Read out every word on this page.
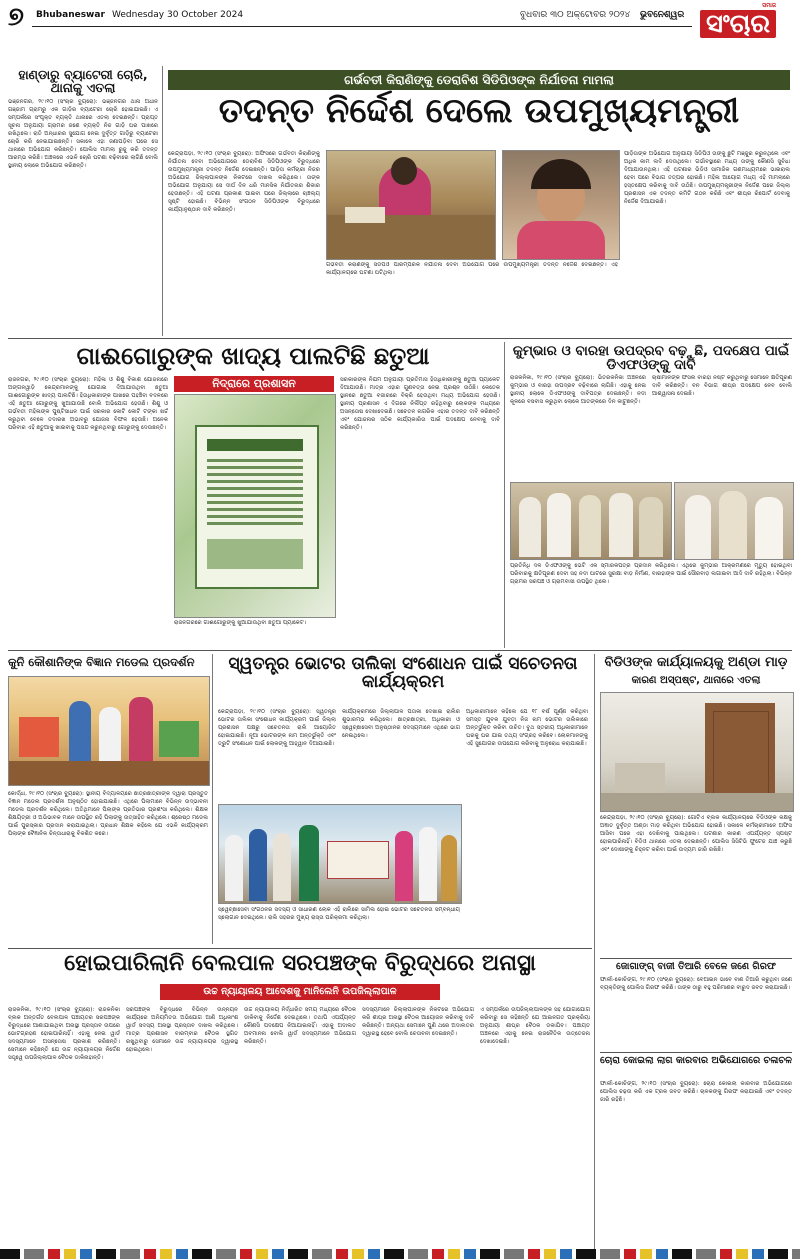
୭ Bhubaneswar Wednesday 30 October 2024	ବୁଧବାର ୩୦ ଅକ୍ଟୋବର ୨୦୨୪ ଭୁବନେଶ୍ୱର
ସମାଜ
ସଂଚାର
ହାଣ୍ଡାରୁ ବ୍ୟାଟେରୀ ଚୋରି, ଥାନାକୁ ଏତଲା
ଭଞ୍ଜନଗର, ୨୯।୧୦ (ସଂଚାର ବ୍ୟୁରୋ): ଭଞ୍ଜନଗର ଥାନା ଅଧୀନ ଗଞ୍ଜାମ ଗ୍ରାମରୁ ଏକ ଗାଡ଼ିର ବ୍ୟାଟେରୀ ଚୋରି ହୋଇଯାଇଛି। ଏ ସମ୍ପର୍କରେ ସଂପୃକ୍ତ ବ୍ୟକ୍ତି ଥାନାରେ ଏତଲା ଦେଇଛନ୍ତି। ପ୍ରାପ୍ତ ସୂଚନା ଅନୁଯାୟୀ ଗ୍ରାମର ଜଣେ ବ୍ୟକ୍ତି ନିଜ ଗାଡ଼ି ଘର ପାଖରେ ରଖିଥିଲେ। ରାତି ଅନ୍ଧାରର ସୁଯୋଗ ନେଇ ଦୁର୍ବୃତ୍ତ ଗାଡ଼ିରୁ ବ୍ୟାଟେରୀ ଚୋରି କରି ନେଇଯାଇଛନ୍ତି। ସକାଳେ ଏହା ଜଣାପଡ଼ିବା ପରେ ସେ ଥାନାରେ ଅଭିଯୋଗ କରିଛନ୍ତି। ପୋଲିସ ମାମଲା ରୁଜୁ କରି ତଦନ୍ତ ଆରମ୍ଭ କରିଛି। ଅଞ୍ଚଳରେ ଏଭଳି ଚୋରି ଘଟଣା ବଢ଼ିବାରେ ଲାଗିଛି ବୋଲି ସ୍ଥାନୀୟ ଲୋକେ ଅଭିଯୋଗ କରିଛନ୍ତି।
ଗର୍ଭବତୀ କିରାଣିଙ୍କୁ ଡେରାବିଶ ସିଡିପିଓଙ୍କ ନିର୍ଯାତନା ମାମଲା
ତଦନ୍ତ ନିର୍ଦ୍ଦେଶ ଦେଲେ ଉପମୁଖ୍ୟମନ୍ତ୍ରୀ
କେନ୍ଦ୍ରାପଡ଼ା, ୨୯।୧୦ (ସଂଚାର ବ୍ୟୁରୋ): ଅଫିସରେ ଗର୍ଭବତୀ କିରାଣିଙ୍କୁ ନିର୍ଯାତନା ଦେବା ଅଭିଯୋଗରେ ଡେରାବିଶ ସିଡିପିଓଙ୍କ ବିରୁଦ୍ଧରେ ଉପମୁଖ୍ୟମନ୍ତ୍ରୀ ତଦନ୍ତ ନିର୍ଦ୍ଦେଶ ଦେଇଛନ୍ତି। ପୀଡ଼ିତା କର୍ମଚାରୀ ନିଜର ଅଭିଯୋଗ ଜିଲ୍ଲାପାଳଙ୍କ ନିକଟରେ ଦାଖଲ କରିଥିଲେ। ତାଙ୍କ ଅଭିଯୋଗ ଅନୁଯାୟୀ ସେ ଦୀର୍ଘ ଦିନ ଧରି ମାନସିକ ନିର୍ଯାତନାର ଶିକାର ହେଉଛନ୍ତି। ଏହି ଘଟଣା ପ୍ରକାଶ ପାଇବା ପରେ ଜିଲ୍ଲାରେ ଚାଞ୍ଚଲ୍ୟ ସୃଷ୍ଟି ହୋଇଛି। ବିଭିନ୍ନ ସଂଗଠନ ସିଡିପିଓଙ୍କ ବିରୁଦ୍ଧରେ କାର୍ଯ୍ୟାନୁଷ୍ଠାନ ଦାବି କରିଛନ୍ତି।
ଗର୍ଭବତୀ କିରାଣିଙ୍କୁ ସିଡିପିଓ ପାରମ୍ପରିକ ନିର୍ଯାତନା ଦେବା ଅଭିଯୋଗ ପରେ ଉପମୁଖ୍ୟମନ୍ତ୍ରୀ ତଦନ୍ତ ନିର୍ଦ୍ଦେଶ ଦେଇଛନ୍ତି। ଏହି କାର୍ଯ୍ୟାଳୟରେ ଘଟଣା ଘଟିଥିଲା।
ପୀଡ଼ିତାଙ୍କ ଅଭିଯୋଗ ଅନୁଯାୟୀ ସିଡିପିଓ ତାଙ୍କୁ ଛୁଟି ମଞ୍ଜୁର କରୁନଥିଲେ ଏବଂ ଅଧିକ କାମ ଲଦି ଦେଉଥିଲେ। ଗର୍ଭାବସ୍ଥାରେ ମଧ୍ୟ ତାଙ୍କୁ କୌଣସି ସୁବିଧା ଦିଆଯାଉନଥିଲା। ଏହି ଘଟଣାର ଭିଡିଓ ସାମାଜିକ ଗଣମାଧ୍ୟମରେ ଭାଇରାଲ ହେବା ପରେ ବିଭାଗ ତତ୍ପର ହୋଇଛି। ମହିଳା ଆୟୋଗ ମଧ୍ୟ ଏହି ମାମଲାରେ ହସ୍ତକ୍ଷେପ କରିବାକୁ ଦାବି ଉଠିଛି। ଉପମୁଖ୍ୟମନ୍ତ୍ରୀଙ୍କ ନିର୍ଦ୍ଦେଶ ପରେ ଜିଲ୍ଲା ପ୍ରଶାସନ ଏକ ତଦନ୍ତ କମିଟି ଗଠନ କରିଛି ଏବଂ ଶୀଘ୍ର ରିପୋର୍ଟ ଦେବାକୁ ନିର୍ଦ୍ଦେଶ ଦିଆଯାଇଛି।
ଗାଈଗୋରୁଙ୍କ ଖାଦ୍ୟ ପାଲଟିଛି ଛତୁଆ
ରାଜନଗର, ୨୯।୧୦ (ସଂଚାର ବ୍ୟୁରୋ): ମହିଳା ଓ ଶିଶୁ ବିକାଶ ଯୋଜନାରେ ଅଙ୍ଗନୱାଡ଼ି କେନ୍ଦ୍ରମାନଙ୍କୁ ଯୋଗାଇ ଦିଆଯାଉଥିବା ଛତୁଆ ଗାଈଗୋରୁଙ୍କ ଖାଦ୍ୟ ପାଲଟିଛି। ହିତାଧିକାରୀଙ୍କ ପାଖରେ ପହଞ୍ଚିବା ବଦଳରେ ଏହି ଛତୁଆ ଗୋରୁଙ୍କୁ ଖୁଆଯାଉଛି ବୋଲି ଅଭିଯୋଗ ହେଉଛି। ଶିଶୁ ଓ ଗର୍ଭବତୀ ମହିଳାଙ୍କ ପୁଷ୍ଟିସାଧନ ପାଇଁ ସରକାର କୋଟି କୋଟି ଟଙ୍କା ଖର୍ଚ୍ଚ କରୁଥିବା ବେଳେ ତଦାରଖ ଅଭାବରୁ ଯୋଜନା ବିଫଳ ହେଉଛି। ଅନେକ ପରିବାର ଏହି ଛତୁଆକୁ ଖାଇବାକୁ ପସନ୍ଦ କରୁନଥିବାରୁ ଗୋରୁଙ୍କୁ ଦେଉଛନ୍ତି।
ନିଦ୍ରାରେ ପ୍ରଶାସନ
ରାଜନଗରରେ ଗାଈଗୋରୁଙ୍କୁ ଖୁଆଯାଉଥିବା ଛତୁଆ ପ୍ୟାକେଟ।
ସରକାରଙ୍କ ନିଯମ ଅନୁଯାୟୀ ପ୍ରତିମାସ ହିତାଧିକାରୀଙ୍କୁ ଛତୁଆ ପ୍ୟାକେଟ ଦିଆଯାଉଛି। ମାତ୍ର ଏହାର ଗୁଣବତ୍ତା ନେଇ ପ୍ରଶ୍ନ ଉଠିଛି। କେତେକ ସ୍ଥାନରେ ଛତୁଆ ବଜାରରେ ବିକ୍ରି ହେଉଥିବା ମଧ୍ୟ ଅଭିଯୋଗ ହେଉଛି। ସ୍ଥାନୀୟ ପ୍ରଶାସନ ଏ ଦିଗରେ ନିର୍ଲିପ୍ତ ରହିଥିବାରୁ ଲୋକଙ୍କ ମଧ୍ୟରେ ଅସନ୍ତୋଷ ଦେଖାଦେଇଛି। ସଚେତନ ନାଗରିକ ଏହାର ତଦନ୍ତ ଦାବି କରିଛନ୍ତି ଏବଂ ଯୋଜନାର ସଠିକ କାର୍ଯ୍ୟକାରିତା ପାଇଁ ପଦକ୍ଷେପ ନେବାକୁ ଦାବି କରିଛନ୍ତି।
କୁମ୍ଭାର ଓ ବାରହା ଉପଦ୍ରବ ବଢ଼ୁଛି, ପଦକ୍ଷେପ ପାଇଁ ଡିଏଫଓଙ୍କୁ ଦାବି
ରାଜକନିକା, ୨୯।୧୦ (ସଂଚାର ବ୍ୟୁରୋ): ଭିତରକନିକା ଅଞ୍ଚଳରେ କୁମ୍ଭୀର ଓ ବାରହା ଉପଦ୍ରବ ବଢ଼ିବାରେ ଲାଗିଛି। ଏହାକୁ ନେଇ ସ୍ଥାନୀୟ ଲୋକେ ଡିଏଫଓଙ୍କୁ ଦାବିପତ୍ର ଦେଇଛନ୍ତି। ନଦୀ କୂଳରେ ବସବାସ କରୁଥିବା ଲୋକେ ଆତଙ୍କରେ ଦିନ କାଟୁଛନ୍ତି।
ଚାଷୀମାନଙ୍କ ଫସଲ ବାରହା ନଷ୍ଟ କରୁଥିବାରୁ ସେମାନେ କ୍ଷତିପୂରଣ ଦାବି କରିଛନ୍ତି। ବନ ବିଭାଗ ଶୀଘ୍ର ପଦକ୍ଷେପ ନେବ ବୋଲି ଆଶ୍ୱାସନା ଦେଇଛି।
ପ୍ରତିନିଧି ଦଳ ଡିଏଫଓଙ୍କୁ ଭେଟି ଏକ ସ୍ମାରକପତ୍ର ପ୍ରଦାନ କରିଥିଲେ। ଏଥିରେ କୁମ୍ଭୀର ଆକ୍ରମଣରେ ମୃତ୍ୟୁ ହୋଇଥିବା ପରିବାରକୁ କ୍ଷତିପୂରଣ ଦେବା ସହ ନଦୀ ଘାଟରେ ସୁରକ୍ଷା ବାଡ଼ ନିର୍ମାଣ, ବାରହାଙ୍କ ପାଇଁ ସୌରବାଡ଼ ଲଗାଇବା ଆଦି ଦାବି ରହିଥିଲା। ବିଭିନ୍ନ ଗ୍ରାମର ସରପଞ୍ଚ ଓ ଗ୍ରାମବାସୀ ଉପସ୍ଥିତ ଥିଲେ।
କୁନି କୌଶାନିଙ୍କ ବିଜ୍ଞାନ ମଡେଲ ପ୍ରଦର୍ଶନ
କୋର୍ଦ୍ଧା, ୨୯।୧୦ (ସଂଚାର ବ୍ୟୁରୋ): ସ୍ଥାନୀୟ ବିଦ୍ୟାଳୟରେ ଛାତ୍ରଛାତ୍ରୀଙ୍କ ଦ୍ୱାରା ପ୍ରସ୍ତୁତ ବିଜ୍ଞାନ ମଡେଲ ପ୍ରଦର୍ଶନୀ ଅନୁଷ୍ଠିତ ହୋଇଯାଇଛି। ଏଥିରେ ପିଲାମାନେ ବିଭିନ୍ନ ଉଦ୍ଭାବନୀ ମଡେଲ ପ୍ରଦର୍ଶନ କରିଥିଲେ। ଅତିଥିମାନେ ପିଲାଙ୍କ ପ୍ରତିଭାର ପ୍ରଶଂସା କରିଥିଲେ। ଶିକ୍ଷକ ଶିକ୍ଷୟିତ୍ରୀ ଓ ଅଭିଭାବକ ମାନେ ଉପସ୍ଥିତ ରହି ପିଲାଙ୍କୁ ଉତ୍ସାହିତ କରିଥିଲେ। ଶ୍ରେଷ୍ଠ ମଡେଲ ପାଇଁ ପୁରସ୍କାର ପ୍ରଦାନ କରାଯାଇଥିଲା। ପ୍ରଧାନ ଶିକ୍ଷକ କହିଲେ ଯେ ଏଭଳି କାର୍ଯ୍ୟକ୍ରମ ପିଲାଙ୍କ ବୈଜ୍ଞାନିକ ଚିନ୍ତାଧାରାକୁ ବିକଶିତ କରେ।
ସ୍ୱତନ୍ତ୍ର ଭୋଟର ତାଲିକା ସଂଶୋଧନ ପାଇଁ ସଚେତନତା କାର୍ଯ୍ୟକ୍ରମ
କେନ୍ଦ୍ରାପଡ଼ା, ୨୯।୧୦ (ସଂଚାର ବ୍ୟୁରୋ): ସ୍ୱତନ୍ତ୍ର ଭୋଟର ତାଲିକା ସଂଶୋଧନ କାର୍ଯ୍ୟକ୍ରମ ପାଇଁ ଜିଲ୍ଲା ପ୍ରଶାସନ ପକ୍ଷରୁ ସଚେତନତା ରାଲି ଆୟୋଜିତ ହୋଇଯାଇଛି। ନୂଆ ଭୋଟରଙ୍କ ନାମ ଅନ୍ତର୍ଭୁକ୍ତି ଏବଂ ତ୍ରୁଟି ସଂଶୋଧନ ପାଇଁ ଲୋକଙ୍କୁ ଆହ୍ୱାନ ଦିଆଯାଇଛି।
କାର୍ଯ୍ୟକ୍ରମରେ ଜିଲ୍ଲାପାଳ ପତାକା ଦେଖାଇ ରାଲିର ଶୁଭାରମ୍ଭ କରିଥିଲେ। ଛାତ୍ରଛାତ୍ରୀ, ଅଧିକାରୀ ଓ ସ୍ୱେଚ୍ଛାସେବୀ ଅନୁଷ୍ଠାନର ସଦସ୍ୟମାନେ ଏଥିରେ ଭାଗ ନେଇଥିଲେ।
ଅଧିକାରୀମାନେ କହିଲେ ଯେ ୧୮ ବର୍ଷ ପୂର୍ଣ୍ଣ କରିଥିବା ସମସ୍ତ ଯୁବକ ଯୁବତୀ ନିଜ ନାମ ଭୋଟର ତାଲିକାରେ ଅନ୍ତର୍ଭୁକ୍ତ କରିବା ଉଚିତ। ବୁଥ ସ୍ତରୀୟ ଅଧିକାରୀମାନେ ଘରକୁ ଘର ଯାଇ ତଥ୍ୟ ସଂଗ୍ରହ କରିବେ। ଲୋକମାନଙ୍କୁ ଏହି ସୁଯୋଗର ଉପଯୋଗ କରିବାକୁ ଅନୁରୋଧ କରାଯାଇଛି।
ସ୍ୱେଚ୍ଛାସେବୀ ସଂଗଠନର ସଦସ୍ୟ ଓ ସାଧାରଣ ଲୋକ ଏହି ରାଲିରେ ସାମିଲ ହୋଇ ଭୋଟର ସଚେତନତା ସମ୍ବନ୍ଧୀୟ ସ୍ଲୋଗାନ ଦେଇଥିଲେ। ରାଲି ସହରର ମୁଖ୍ୟ ରାସ୍ତା ପରିକ୍ରମା କରିଥିଲା।
ବିଡିଓଙ୍କ କାର୍ଯ୍ୟାଳୟକୁ ଅଣ୍ଡା ମାଡ଼
କାରଣ ଅସ୍ପଷ୍ଟ, ଥାନାରେ ଏତଲା
କେନ୍ଦ୍ରାପଡ଼ା, ୨୯।୧୦ (ସଂଚାର ବ୍ୟୁରୋ): ଗୋଟିଏ ବ୍ଲକ କାର୍ଯ୍ୟାଳୟରେ ବିଡିଓଙ୍କ କକ୍ଷକୁ ଅଜ୍ଞାତ ଦୁର୍ବୃତ୍ତ ଅଣ୍ଡା ମାଡ଼ କରିଥିବା ଅଭିଯୋଗ ହୋଇଛି। ସକାଳେ କର୍ମଚାରୀମାନେ ଅଫିସ ଆସିବା ପରେ ଏହା ଦେଖିବାକୁ ପାଇଥିଲେ। ଘଟଣାର କାରଣ ଏପର୍ଯ୍ୟନ୍ତ ସ୍ପଷ୍ଟ ହୋଇପାରିନାହିଁ। ବିଡିଓ ଥାନାରେ ଏତଲା ଦେଇଛନ୍ତି। ପୋଲିସ ସିସିଟିଭି ଫୁଟେଜ ଯାଞ୍ଚ କରୁଛି ଏବଂ ଦୋଷୀଙ୍କୁ ଚିହ୍ନଟ କରିବା ପାଇଁ ଉଦ୍ୟମ ଜାରି ରଖିଛି।
ଜୋଗାଙ୍ଗ୍ ବାଜୀ ତିଆରି ବେଳେ ଜଣେ ଗିରଫ
ଫାର୍ଲା-କୋଚିଙ୍ଗ, ୨୯।୧୦ (ସଂଚାର ବ୍ୟୁରୋ): ବେଆଇନ ଭାବେ ବାଣ ତିଆରି କରୁଥିବା ଜଣେ ବ୍ୟକ୍ତିଙ୍କୁ ପୋଲିସ ଗିରଫ କରିଛି। ତାଙ୍କ ଠାରୁ ବହୁ ପରିମାଣର ବାରୁଦ ଜବତ କରାଯାଇଛି।
ଚୋରା କୋଇଲା ଲାଗ କାରବାର ଅଭିଯୋଗରେ ଚଳାଚଳ
ଫାର୍ଲା-କୋଚିଙ୍ଗ, ୨୯।୧୦ (ସଂଚାର ବ୍ୟୁରୋ): ଚୋରା କୋଇଲା କାରବାର ଅଭିଯୋଗରେ ପୋଲିସ ଚଢ଼ଉ କରି ଏକ ଟ୍ରକ ଜବତ କରିଛି। ଚାଳକଙ୍କୁ ଗିରଫ କରାଯାଇଛି ଏବଂ ତଦନ୍ତ ଜାରି ରହିଛି।
ହୋଇପାରିଲାନି ବେଲପାଳ ସରପଞ୍ଚଙ୍କ ବିରୁଦ୍ଧରେ ଅନାସ୍ଥା
ଉଚ୍ଚ ନ୍ୟାୟାଳୟ ଆଦେଶକୁ ମାନିଲେନି ଉପଜିଲ୍ଲାପାଳ
ରାଜକନିକା, ୨୯।୧୦ (ସଂଚାର ବ୍ୟୁରୋ): ରାଜକନିକା ବ୍ଲକ ଅନ୍ତର୍ଗତ ବେଲପାଳ ପଞ୍ଚାୟତର ସରପଞ୍ଚଙ୍କ ବିରୁଦ୍ଧରେ ଆଣାଯାଇଥିବା ଅନାସ୍ଥା ପ୍ରସ୍ତାବ ଉପରେ ଭୋଟଗ୍ରହଣ ହୋଇପାରିନାହିଁ। ଏହାକୁ ନେଇ ୱାର୍ଡ ସଦସ୍ୟମାନେ ଅସନ୍ତୋଷ ପ୍ରକାଶ କରିଛନ୍ତି। ସେମାନେ କହିଛନ୍ତି ଯେ ଉଚ୍ଚ ନ୍ୟାୟାଳୟର ନିର୍ଦ୍ଦେଶ ସତ୍ତ୍ୱେ ଉପଜିଲ୍ଲାପାଳ ବୈଠକ ଡାକିନାହାନ୍ତି।
ସରପଞ୍ଚଙ୍କ ବିରୁଦ୍ଧରେ ବିଭିନ୍ନ ଉନ୍ନୟନ କାର୍ଯ୍ୟରେ ଅନିୟମିତତା ଅଭିଯୋଗ ଆଣି ଅଧିକାଂଶ ୱାର୍ଡ ସଦସ୍ୟ ଅନାସ୍ଥା ପ୍ରସ୍ତାବ ଦାଖଲ କରିଥିଲେ। ମାତ୍ର ପ୍ରଶାସନ ବାରମ୍ବାର ବୈଠକ ସ୍ଥଗିତ ରଖୁଥିବାରୁ ସେମାନେ ଉଚ୍ଚ ନ୍ୟାୟାଳୟର ଦ୍ୱାରସ୍ଥ ହୋଇଥିଲେ।
ଉଚ୍ଚ ନ୍ୟାୟାଳୟ ନିର୍ଦ୍ଧାରିତ ସମୟ ମଧ୍ୟରେ ବୈଠକ ଡାକିବାକୁ ନିର୍ଦ୍ଦେଶ ଦେଇଥିଲେ। ତଥାପି ଏପର୍ଯ୍ୟନ୍ତ କୌଣସି ପଦକ୍ଷେପ ନିଆଯାଇନାହିଁ। ଏହାକୁ ଅଦାଲତ ଅବମାନନା ବୋଲି ୱାର୍ଡ ସଦସ୍ୟମାନେ ଅଭିଯୋଗ କରିଛନ୍ତି।
ସଦସ୍ୟମାନେ ଜିଲ୍ଲାପାଳଙ୍କ ନିକଟରେ ଅଭିଯୋଗ କରି ଶୀଘ୍ର ଅନାସ୍ଥା ବୈଠକ ଆୟୋଜନ କରିବାକୁ ଦାବି କରିଛନ୍ତି। ଅନ୍ୟଥା ସେମାନେ ପୁଣି ଥରେ ଅଦାଲତର ଦ୍ୱାରସ୍ଥ ହେବେ ବୋଲି ଚେତାବନୀ ଦେଇଛନ୍ତି।
ଏ ସମ୍ପର୍କରେ ଉପଜିଲ୍ଲାପାଳଙ୍କ ସହ ଯୋଗାଯୋଗ କରିବାରୁ ସେ କହିଛନ୍ତି ଯେ ଆଇନଗତ ପ୍ରକ୍ରିୟା ଅନୁଯାୟୀ ଶୀଘ୍ର ବୈଠକ ଡକାଯିବ। ପଞ୍ଚାୟତ ଅଞ୍ଚଳରେ ଏହାକୁ ନେଇ ରାଜନୈତିକ ଉତ୍ତେଜନା ଦେଖାଦେଇଛି।
